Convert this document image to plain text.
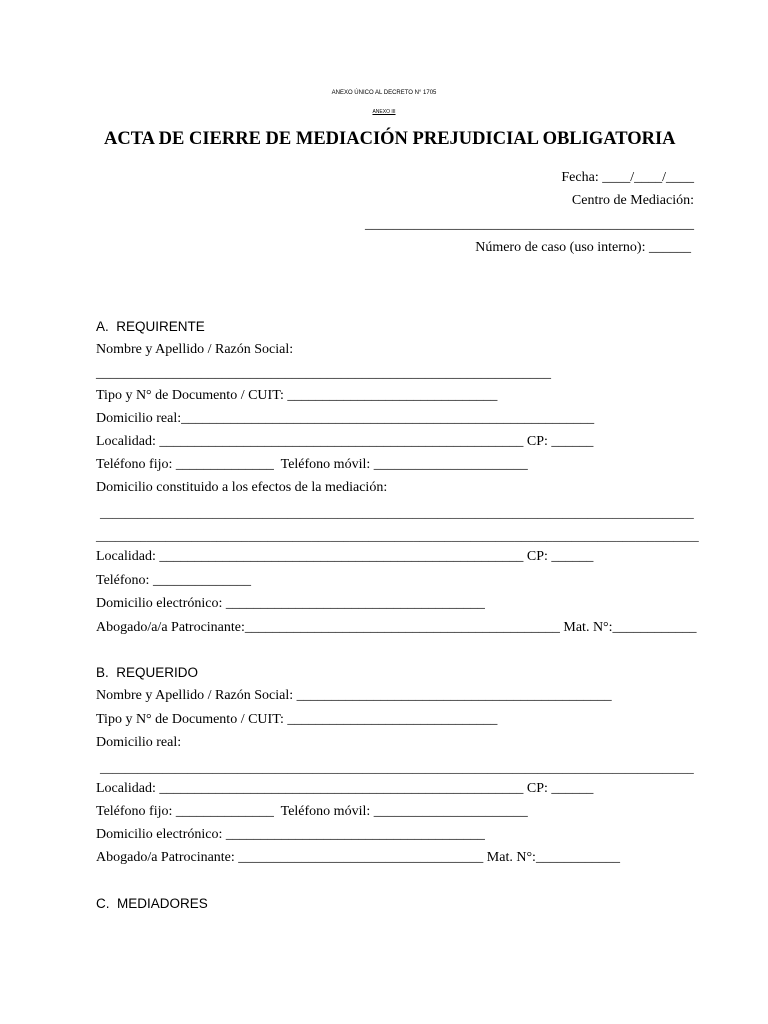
ANEXO ÚNICO AL DECRETO N° 1705
ANEXO III
ACTA DE CIERRE DE MEDIACIÓN PREJUDICIAL OBLIGATORIA
Fecha: ____/____/____
Centro de Mediación:
_______________________________________________
Número de caso (uso interno): ______
A.  REQUIRENTE
Nombre y Apellido / Razón Social:
_________________________________________________________________
Tipo y N° de Documento / CUIT: ______________________________
Domicilio real:___________________________________________________________
Localidad: ____________________________________________________ CP: ______
Teléfono fijo: ______________  Teléfono móvil: ______________________
Domicilio constituido a los efectos de la mediación:
_______________________________________________________________________________________________
_______________________________________________________________________________________________
Localidad: ____________________________________________________ CP: ______
Teléfono: ______________
Domicilio electrónico: _____________________________________
Abogado/a/a Patrocinante:_____________________________________________ Mat. N°:____________
B.  REQUERIDO
Nombre y Apellido / Razón Social: _____________________________________________
Tipo y N° de Documento / CUIT: ______________________________
Domicilio real:
_______________________________________________________________________________________________
Localidad: ____________________________________________________ CP: ______
Teléfono fijo: ______________  Teléfono móvil: ______________________
Domicilio electrónico: _____________________________________
Abogado/a Patrocinante: ___________________________________ Mat. N°:____________
C.  MEDIADORES
